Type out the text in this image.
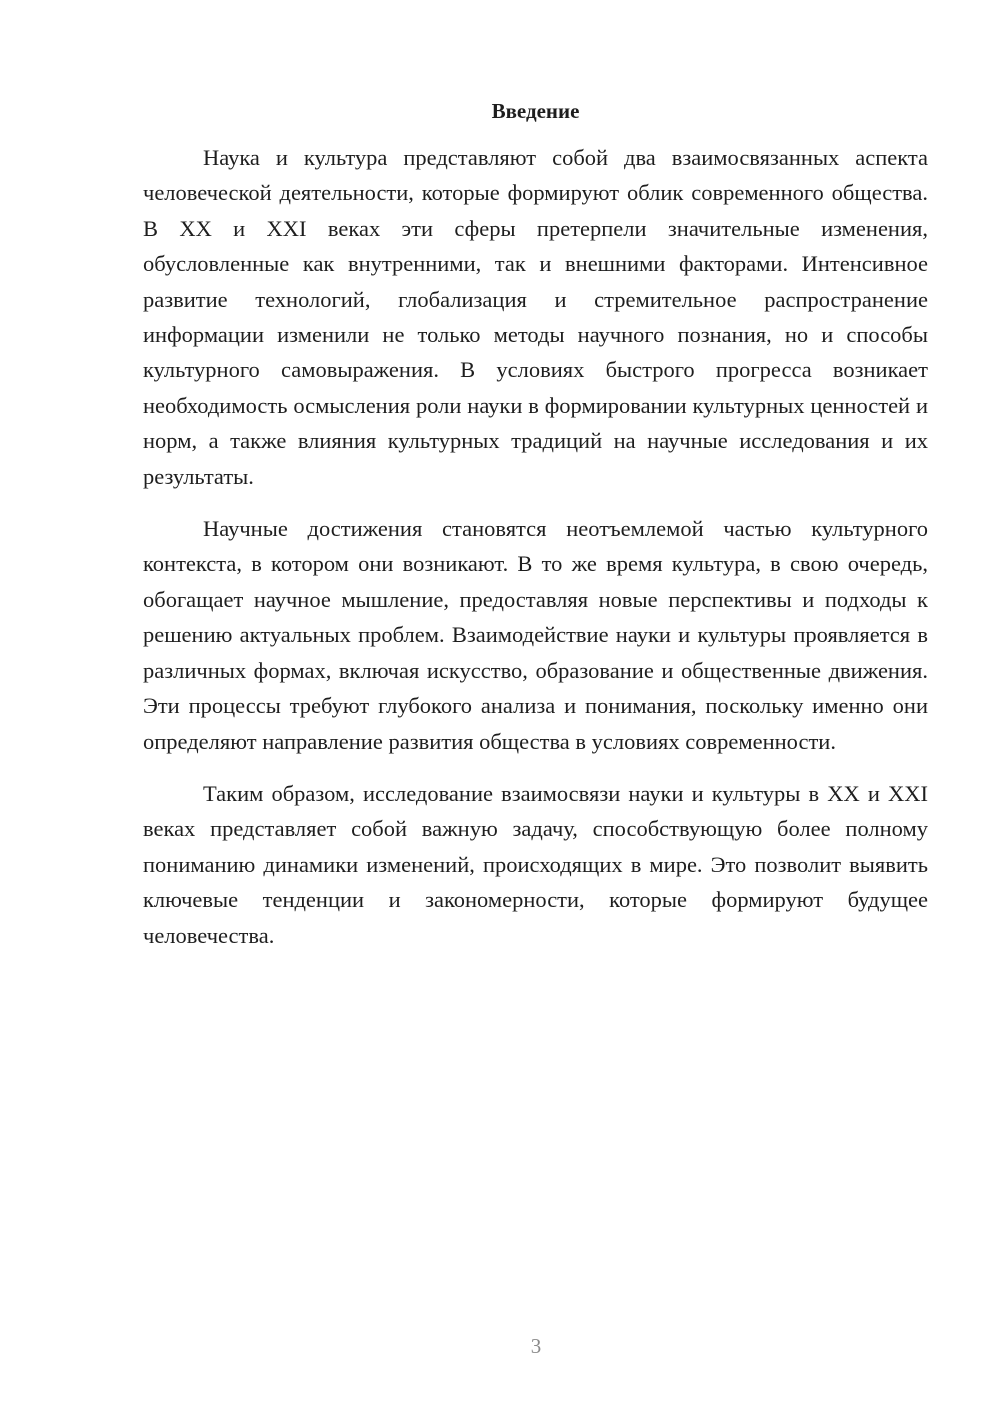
Введение

Наука и культура представляют собой два взаимосвязанных аспекта человеческой деятельности, которые формируют облик современного общества. В XX и XXI веках эти сферы претерпели значительные изменения, обусловленные как внутренними, так и внешними факторами. Интенсивное развитие технологий, глобализация и стремительное распространение информации изменили не только методы научного познания, но и способы культурного самовыражения. В условиях быстрого прогресса возникает необходимость осмысления роли науки в формировании культурных ценностей и норм, а также влияния культурных традиций на научные исследования и их результаты.

Научные достижения становятся неотъемлемой частью культурного контекста, в котором они возникают. В то же время культура, в свою очередь, обогащает научное мышление, предоставляя новые перспективы и подходы к решению актуальных проблем. Взаимодействие науки и культуры проявляется в различных формах, включая искусство, образование и общественные движения. Эти процессы требуют глубокого анализа и понимания, поскольку именно они определяют направление развития общества в условиях современности.

Таким образом, исследование взаимосвязи науки и культуры в XX и XXI веках представляет собой важную задачу, способствующую более полному пониманию динамики изменений, происходящих в мире. Это позволит выявить ключевые тенденции и закономерности, которые формируют будущее человечества.

3
